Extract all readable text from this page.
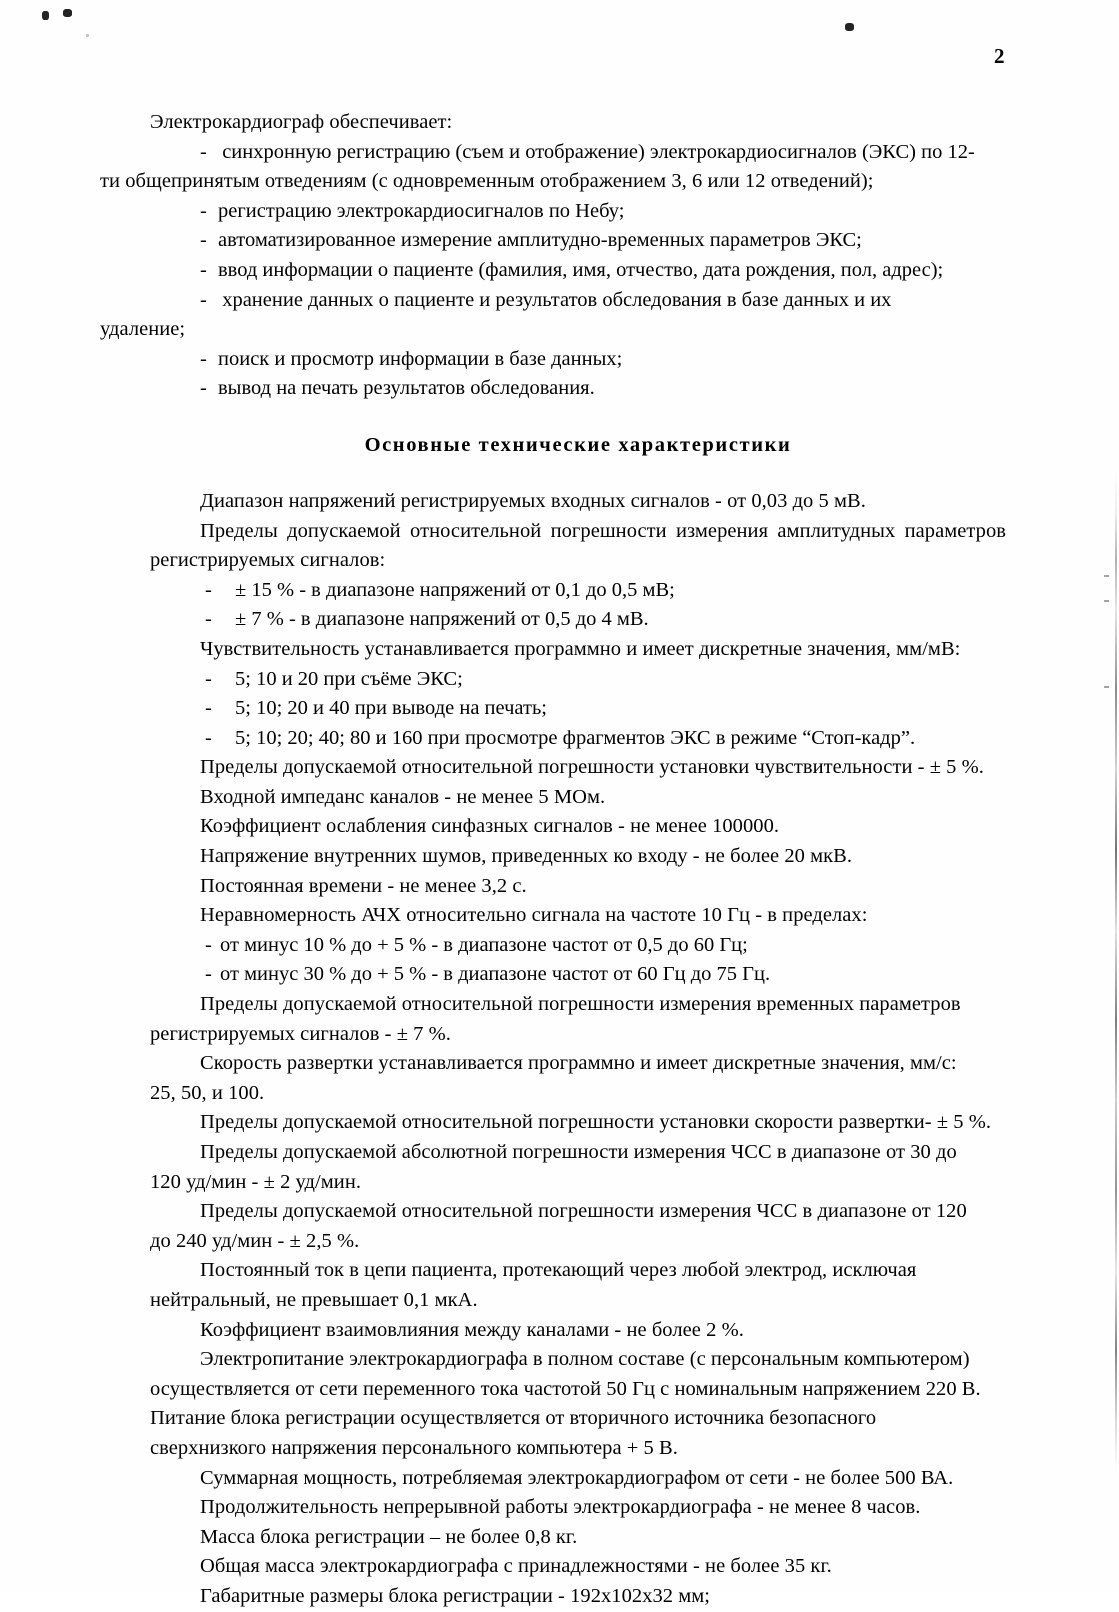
2

Электрокардиограф обеспечивает:

- синхронную регистрацию (съем и отображение) электрокардиосигналов (ЭКС) по 12-

ти общепринятым отведениям (с одновременным отображением 3, 6 или 12 отведений);

- регистрацию электрокардиосигналов по Небу;
- автоматизированное измерение амплитудно-временных параметров ЭКС;
- ввод информации о пациенте (фамилия, имя, отчество, дата рождения, пол, адрес);
- хранение данных о пациенте и результатов обследования в базе данных и их

удаление;

- поиск и просмотр информации в базе данных;
- вывод на печать результатов обследования.
Основные технические характеристики

Диапазон напряжений регистрируемых входных сигналов - от 0,03 до 5 мВ.

Пределы допускаемой относительной погрешности измерения амплитудных параметров регистрируемых сигналов:

-	± 15 % - в диапазоне напряжений от 0,1 до 0,5 мВ;
-	± 7 % - в диапазоне напряжений от 0,5 до 4 мВ.

Чувствительность устанавливается программно и имеет дискретные значения, мм/мВ:

-	5; 10 и 20 при съёме ЭКС;
-	5; 10; 20 и 40 при выводе на печать;
-	5; 10; 20; 40; 80 и 160 при просмотре фрагментов ЭКС в режиме “Стоп-кадр”.

Пределы допускаемой относительной погрешности установки чувствительности - ± 5 %.

Входной импеданс каналов - не менее 5 МОм.

Коэффициент ослабления синфазных сигналов - не менее 100000.

Напряжение внутренних шумов, приведенных ко входу - не более 20 мкВ.

Постоянная времени - не менее 3,2 с.

Неравномерность АЧХ относительно сигнала на частоте 10 Гц - в пределах:

- от минус 10 % до + 5 % - в диапазоне частот от 0,5 до 60 Гц;
- от минус 30 % до + 5 % - в диапазоне частот от 60 Гц до 75 Гц.

Пределы допускаемой относительной погрешности измерения временных параметров

регистрируемых сигналов - ± 7 %.

Скорость развертки устанавливается программно и имеет дискретные значения, мм/с:

25, 50, и 100.

Пределы допускаемой относительной погрешности установки скорости развертки- ± 5 %.

Пределы допускаемой абсолютной погрешности измерения ЧСС в диапазоне от 30 до

120 уд/мин - ± 2 уд/мин.

Пределы допускаемой относительной погрешности измерения ЧСС в диапазоне от 120

до 240 уд/мин - ± 2,5 %.

Постоянный ток в цепи пациента, протекающий через любой электрод, исключая

нейтральный, не превышает 0,1 мкА.

Коэффициент взаимовлияния между каналами - не более 2 %.

Электропитание электрокардиографа в полном составе (с персональным компьютером)

осуществляется от сети переменного тока частотой 50 Гц с номинальным напряжением 220 В.

Питание блока регистрации осуществляется от вторичного источника безопасного

сверхнизкого напряжения персонального компьютера + 5 В.

Суммарная мощность, потребляемая электрокардиографом от сети - не более 500 ВА.

Продолжительность непрерывной работы электрокардиографа - не менее 8 часов.

Масса блока регистрации – не более 0,8 кг.

Общая масса электрокардиографа с принадлежностями - не более 35 кг.

Габаритные размеры блока регистрации - 192х102х32 мм;
